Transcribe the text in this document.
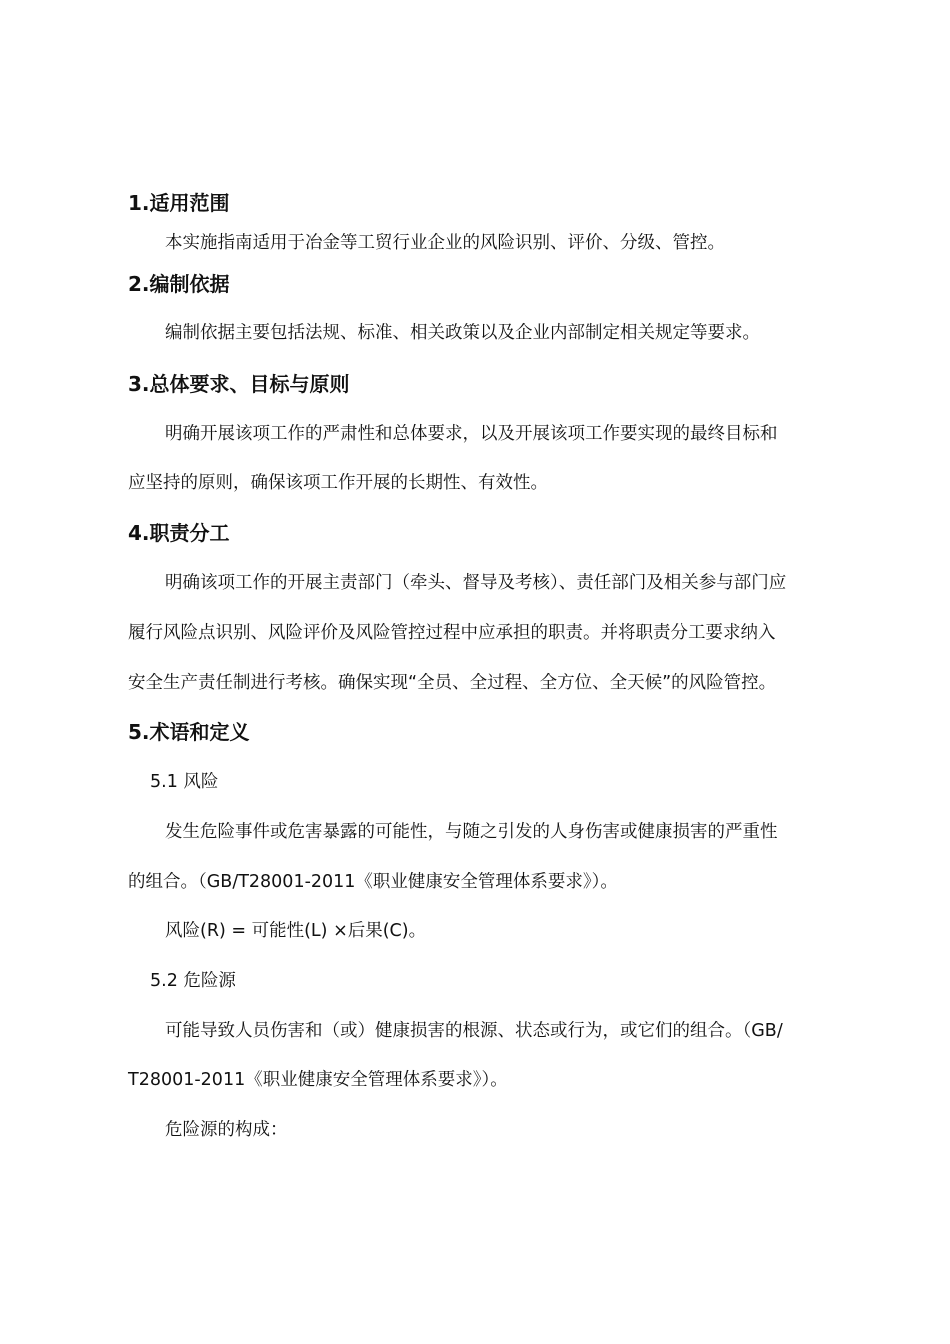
1.适用范围
本实施指南适用于冶金等工贸行业企业的风险识别、评价、分级、管控。
2.编制依据
编制依据主要包括法规、标准、相关政策以及企业内部制定相关规定等要求。
3.总体要求、目标与原则
明确开展该项工作的严肃性和总体要求，以及开展该项工作要实现的最终目标和
应坚持的原则，确保该项工作开展的长期性、有效性。
4.职责分工
明确该项工作的开展主责部门（牵头、督导及考核）、责任部门及相关参与部门应
履行风险点识别、风险评价及风险管控过程中应承担的职责。并将职责分工要求纳入
安全生产责任制进行考核。确保实现“全员、全过程、全方位、全天候”的风险管控。
5.术语和定义
5.1 风险
发生危险事件或危害暴露的可能性，与随之引发的人身伤害或健康损害的严重性
的组合。（GB/T28001-2011《职业健康安全管理体系要求》）。
风险(R) = 可能性(L) ×后果(C)。
5.2 危险源
可能导致人员伤害和（或）健康损害的根源、状态或行为，或它们的组合。（GB/
T28001-2011《职业健康安全管理体系要求》）。
危险源的构成：
